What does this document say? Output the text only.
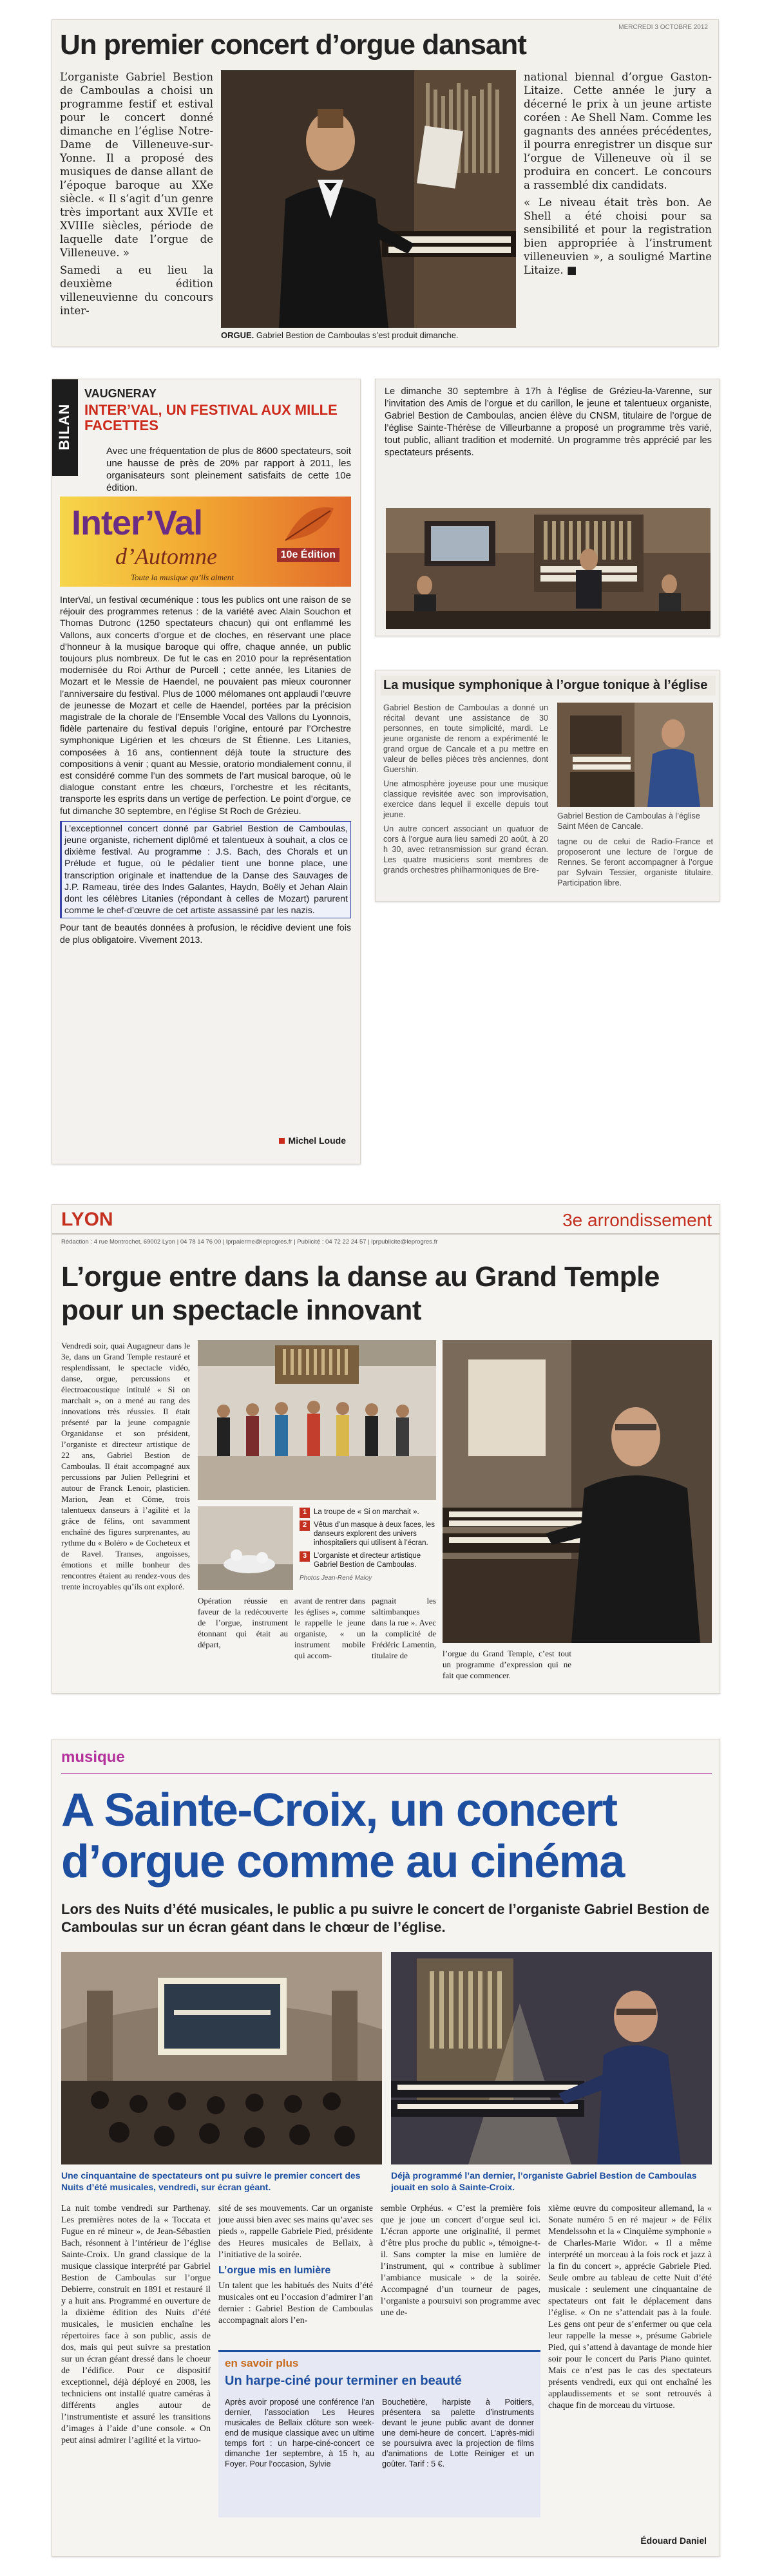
MERCREDI 3 OCTOBRE 2012
Un premier concert d’orgue dansant

L’organiste Gabriel Bestion de Camboulas a choisi un programme festif et estival pour le concert donné dimanche en l’église Notre-Dame de Villeneuve-sur-Yonne. Il a proposé des musiques de danse allant de l’époque baroque au XXe siècle. « Il s’agit d’un genre très important aux XVIIe et XVIIIe siècles, période de laquelle date l’orgue de Villeneuve. »

Samedi a eu lieu la deuxième édition villeneuvienne du concours inter-

ORGUE. Gabriel Bestion de Camboulas s’est produit dimanche.

national biennal d’orgue Gaston-Litaize. Cette année le jury a décerné le prix à un jeune artiste coréen : Ae Shell Nam. Comme les gagnants des années précédentes, il pourra enregistrer un disque sur l’orgue de Villeneuve où il se produira en concert. Le concours a rassemblé dix candidats.

« Le niveau était très bon. Ae Shell a été choisi pour sa sensibilité et pour la registration bien appropriée à l’instrument villeneuvien », a souligné Martine Litaize. ■

BILAN
VAUGNERAY
INTER’VAL, UN FESTIVAL AUX MILLE FACETTES
Avec une fréquentation de plus de 8600 spectateurs, soit une hausse de près de 20% par rapport à 2011, les organisateurs sont pleinement satisfaits de cette 10e édition.
Inter’Val
d’Automne	10e Édition
Toute la musique qu’ils aiment

InterVal, un festival œcuménique : tous les publics ont une raison de se réjouir des programmes retenus : de la variété avec Alain Souchon et Thomas Dutronc (1250 spectateurs chacun) qui ont enflammé les Vallons, aux concerts d’orgue et de cloches, en réservant une place d’honneur à la musique baroque qui offre, chaque année, un public toujours plus nombreux. De fut le cas en 2010 pour la représentation modernisée du Roi Arthur de Purcell ; cette année, les Litanies de Mozart et le Messie de Haendel, ne pouvaient pas mieux couronner l’anniversaire du festival. Plus de 1000 mélomanes ont applaudi l’œuvre de jeunesse de Mozart et celle de Haendel, portées par la précision magistrale de la chorale de l’Ensemble Vocal des Vallons du Lyonnois, fidèle partenaire du festival depuis l’origine, entouré par l’Orchestre symphonique Ligérien et les chœurs de St Étienne. Les Litanies, composées à 16 ans, contiennent déjà toute la structure des compositions à venir ; quant au Messie, oratorio mondialement connu, il est considéré comme l’un des sommets de l’art musical baroque, où le dialogue constant entre les chœurs, l’orchestre et les récitants, transporte les esprits dans un vertige de perfection. Le point d’orgue, ce fut dimanche 30 septembre, en l’église St Roch de Grézieu.

L’exceptionnel concert donné par Gabriel Bestion de Camboulas, jeune organiste, richement diplômé et talentueux à souhait, a clos ce dixième festival. Au programme : J.S. Bach, des Chorals et un Prélude et fugue, où le pédalier tient une bonne place, une transcription originale et inattendue de la Danse des Sauvages de J.P. Rameau, tirée des Indes Galantes, Haydn, Boëly et Jehan Alain dont les célèbres Litanies (répondant à celles de Mozart) parurent comme le chef-d’œuvre de cet artiste assassiné par les nazis.

Pour tant de beautés données à profusion, le récidive devient une fois de plus obligatoire. Vivement 2013.

Michel Loude
Le dimanche 30 septembre à 17h à l’église de Grézieu-la-Varenne, sur l’invitation des Amis de l’orgue et du carillon, le jeune et talentueux organiste, Gabriel Bestion de Camboulas, ancien élève du CNSM, titulaire de l’orgue de l’église Sainte-Thérèse de Villeurbanne a proposé un programme très varié, tout public, alliant tradition et modernité. Un programme très apprécié par les spectateurs présents.
La musique symphonique à l’orgue tonique à l’église

Gabriel Bestion de Camboulas a donné un récital devant une assistance de 30 personnes, en toute simplicité, mardi. Le jeune organiste de renom a expérimenté le grand orgue de Cancale et a pu mettre en valeur de belles pièces très anciennes, dont Guershin.

Une atmosphère joyeuse pour une musique classique revisitée avec son improvisation, exercice dans lequel il excelle depuis tout jeune.

Un autre concert associant un quatuor de cors à l’orgue aura lieu samedi 20 août, à 20 h 30, avec retransmission sur grand écran. Les quatre musiciens sont membres de grands orchestres philharmoniques de Bre-

Gabriel Bestion de Camboulas à l’église Saint Méen de Cancale.
tagne ou de celui de Radio-France et proposeront une lecture de l’orgue de Rennes. Se feront accompagner à l’orgue par Sylvain Tessier, organiste titulaire. Participation libre.
LYON	3e arrondissement
Rédaction : 4 rue Montrochet, 69002 Lyon | 04 78 14 76 00 | lprpalerme@leprogres.fr | Publicité : 04 72 22 24 57 | lprpublicite@leprogres.fr
L’orgue entre dans la danse au Grand Temple pour un spectacle innovant

Vendredi soir, quai Augagneur dans le 3e, dans un Grand Temple restauré et resplendissant, le spectacle vidéo, danse, orgue, percussions et électroacoustique intitulé « Si on marchait », on a mené au rang des innovations très réussies. Il était présenté par la jeune compagnie Organidanse et son président, l’organiste et directeur artistique de 22 ans, Gabriel Bestion de Camboulas. Il était accompagné aux percussions par Julien Pellegrini et autour de Franck Lenoir, plasticien. Marion, Jean et Côme, trois talentueux danseurs à l’agilité et la grâce de félins, ont savamment enchaîné des figures surprenantes, au rythme du « Boléro » de Cocheteux et de Ravel. Transes, angoisses, émotions et mille bonheur des rencontres étaient au rendez-vous des trente incroyables qu’ils ont exploré.

1 La troupe de « Si on marchait ».
2 Vêtus d’un masque à deux faces, les danseurs explorent des univers inhospitaliers qui utilisent à l’écran.
3 L’organiste et directeur artistique Gabriel Bestion de Camboulas.
Photos Jean-René Maloy
Opération réussie en faveur de la redécouverte de l’orgue, instrument étonnant qui était au départ,
avant de rentrer dans les églises », comme le rappelle le jeune organiste, « un instrument mobile qui accom-
pagnait les saltimbanques dans la rue ». Avec la complicité de Frédéric Lamentin, titulaire de	l’orgue du Grand Temple, c’est tout un programme d’expression qui ne fait que commencer.
musique
A Sainte-Croix, un concert d’orgue comme au cinéma
Lors des Nuits d’été musicales, le public a pu suivre le concert de l’organiste Gabriel Bestion de Camboulas sur un écran géant dans le chœur de l’église.
Une cinquantaine de spectateurs ont pu suivre le premier concert des Nuits d’été musicales, vendredi, sur écran géant.
Déjà programmé l’an dernier, l’organiste Gabriel Bestion de Camboulas jouait en solo à Sainte-Croix.

La nuit tombe vendredi sur Parthenay. Les premières notes de la « Toccata et Fugue en ré mineur », de Jean-Sébastien Bach, résonnent à l’intérieur de l’église Sainte-Croix. Un grand classique de la musique classique interprété par Gabriel Bestion de Camboulas sur l’orgue Debierre, construit en 1891 et restauré il y a huit ans. Programmé en ouverture de la dixième édition des Nuits d’été musicales, le musicien enchaîne les répertoires face à son public, assis de dos, mais qui peut suivre sa prestation sur un écran géant dressé dans le choeur de l’édifice. Pour ce dispositif exceptionnel, déjà déployé en 2008, les techniciens ont installé quatre caméras à différents angles autour de l’instrumentiste et assuré les transitions d’images à l’aide d’une console. « On peut ainsi admirer l’agilité et la virtuo-

sité de ses mouvements. Car un organiste joue aussi bien avec ses mains qu’avec ses pieds », rappelle Gabriele Pied, présidente des Heures musicales de Bellaix, à l’initiative de la soirée.

L’orgue mis en lumière

Un talent que les habitués des Nuits d’été musicales ont eu l’occasion d’admirer l’an dernier : Gabriel Bestion de Camboulas accompagnait alors l’en-

semble Orphéus. « C’est la première fois que je joue un concert d’orgue seul ici. L’écran apporte une originalité, il permet d’être plus proche du public », témoigne-t-il. Sans compter la mise en lumière de l’instrument, qui « contribue à sublimer l’ambiance musicale » de la soirée. Accompagné d’un tourneur de pages, l’organiste a poursuivi son programme avec une de-

xième œuvre du compositeur allemand, la « Sonate numéro 5 en ré majeur » de Félix Mendelssohn et la « Cinquième symphonie » de Charles-Marie Widor. « Il a même interprété un morceau à la fois rock et jazz à la fin du concert », apprécie Gabriele Pied. Seule ombre au tableau de cette Nuit d’été musicale : seulement une cinquantaine de spectateurs ont fait le déplacement dans l’église. « On ne s’attendait pas à la foule. Les gens ont peur de s’enfermer ou que cela leur rappelle la messe », présume Gabriele Pied, qui s’attend à davantage de monde hier soir pour le concert du Paris Piano quintet. Mais ce n’est pas le cas des spectateurs présents vendredi, eux qui ont enchaîné les applaudissements et se sont retrouvés à chaque fin de morceau du virtuose.

en savoir plus
Un harpe-ciné pour terminer en beauté
Après avoir proposé une conférence l’an dernier, l’association Les Heures musicales de Bellaix clôture son week-end de musique classique avec un ultime temps fort : un harpe-ciné-concert ce dimanche 1er septembre, à 15 h, au Foyer. Pour l’occasion, Sylvie
Bouchetière, harpiste à Poitiers, présentera sa palette d’instruments devant le jeune public avant de donner une demi-heure de concert. L’après-midi se poursuivra avec la projection de films d’animations de Lotte Reiniger et un goûter. Tarif : 5 €.
Édouard Daniel
